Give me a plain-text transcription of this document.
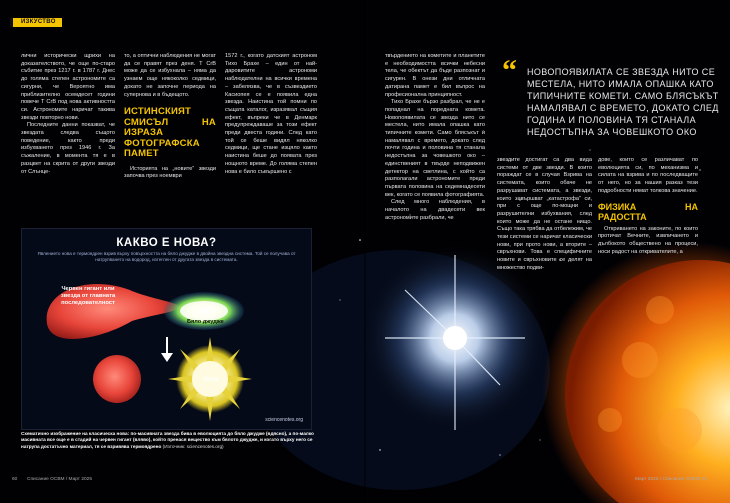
ИЗКУСТВО

лични исторически щрихи на доказателството, че още по-старо събитие през 1217 г. в 1787 г. Днес до голяма степен астрономите са сигурни, че Вероятно има приблизително осемдесет години повече Т CrB под нова активността си. Астрономите наричат такива звезди повторно нови.

Последните данни показват, че звездата следва същото поведение, както преди избухването през 1946 г. За съжаление, в момента тя е в разцвет на скрита от други звезди от Слънце-

то, а оптични наблюдения не могат да се правят през деня. Т CrB може да се избухнала – няма да узнаем още някоколко седмици, докато не започне периода на супернова и в бъдещото.

ИСТИНСКИЯТ СМИСЪЛ НА ИЗРАЗА ФОТОГРАФСКА ПАМЕТ

Историята на „новите“ звезди започва през ноември

1572 г., когато датският астроном Тихо Брахе – един от най-даровитите астрономи наблюдателни на всички времена – забелязва, че в съзвездието Касиопея се е появила една звезда. Наистина той помни по същата каталог, изразявал същия ефект, въпреки че в Денмарк предупреждаваше за този ефект преди двеста години. След като той се беше видял няколко седмици, ще стане изцяло както наистина беше до появата през нощното време. До голяма степен нова е било съвършено с

твърдението на кометите и планетите е необходимостта всички небесни тела, че обектът да бъде разпознат и сигурен. В онези дни отличната датирана памет е бил въпрос на професионална принципност.

Тихо Брахе бързо разбрал, че не е попаднал на поредната комета. Новопоявилата се звезда нито се местела, нито имала опашка като типичните комети. Само блясъкът ѝ намалявал с времето, докато след почти година и половина тя станала недостъпна за човешкото око – единственият в твърде неподвижен детектор на светлина, с който са разполагали астрономите преди първата половина на седемнадесети век, когато се появила фотографията.

След много наблюдения, в началото на двадесети век астрономите разбрали, че

“ НОВОПОЯВИЛАТА СЕ ЗВЕЗДА НИТО СЕ МЕСТЕЛА, НИТО ИМАЛА ОПАШКА КАТО ТИПИЧНИТЕ КОМЕТИ. САМО БЛЯСЪКЪТ НАМАЛЯВАЛ С ВРЕМЕТО, ДОКАТО СЛЕД ГОДИНА И ПОЛОВИНА ТЯ СТАНАЛА НЕДОСТЪПНА ЗА ЧОВЕШКОТО ОКО

звездите достигат са два вида системи от две звезди. В които пораждат се в случая Взрива на системата, които обаче не разрушават системата, а звезди, които завършват „катастрофа“ си, при с още по-мощни и разрушителни избухвания, след които може да не остане нищо. Също така трябва да отбележим, че тези системи се наричат класически нови, при прото нови, а вторите – свръхнови. Това е специфичните новите и свръхновите се делят на множество подви-

дове, които се различават по еволюцията си, по механизма и силата на взрива и по последващите от него, но за нашия разказ тези подробности нямат толкова значение.

ФИЗИКА НА РАДОСТТА

Откриването на законите, по които протичат Вечните, извличането и дълбокото обществено на процеси, носи радост на откривателите, а

КАКВО Е НОВА?
Явлението нова е термоядрен взрив върху повърхността на бяло джудже в двойна звездна система. Той се получава от натрупването на водород, изтеглен от другата звезда в системата.
Червен гигант или звезда от главната последователност
Бяло джудже
Нова
sciencenotes.org
Схематично изображение на класическа нова: по-масивната звезда бива в еволюцията до бяло джудже (вдясно), а по-малко масивната все още е в стадий на червен гигант (вляво), който пренася вещество към бялото джудже, и когато върху него се натрупа достатъчно материал, тя се взривява термоядрено (Източник: sciencenotes.org)
60 Списание ОСВМ / Март 2025	Март 2025 / Списание ОСВМ 61
